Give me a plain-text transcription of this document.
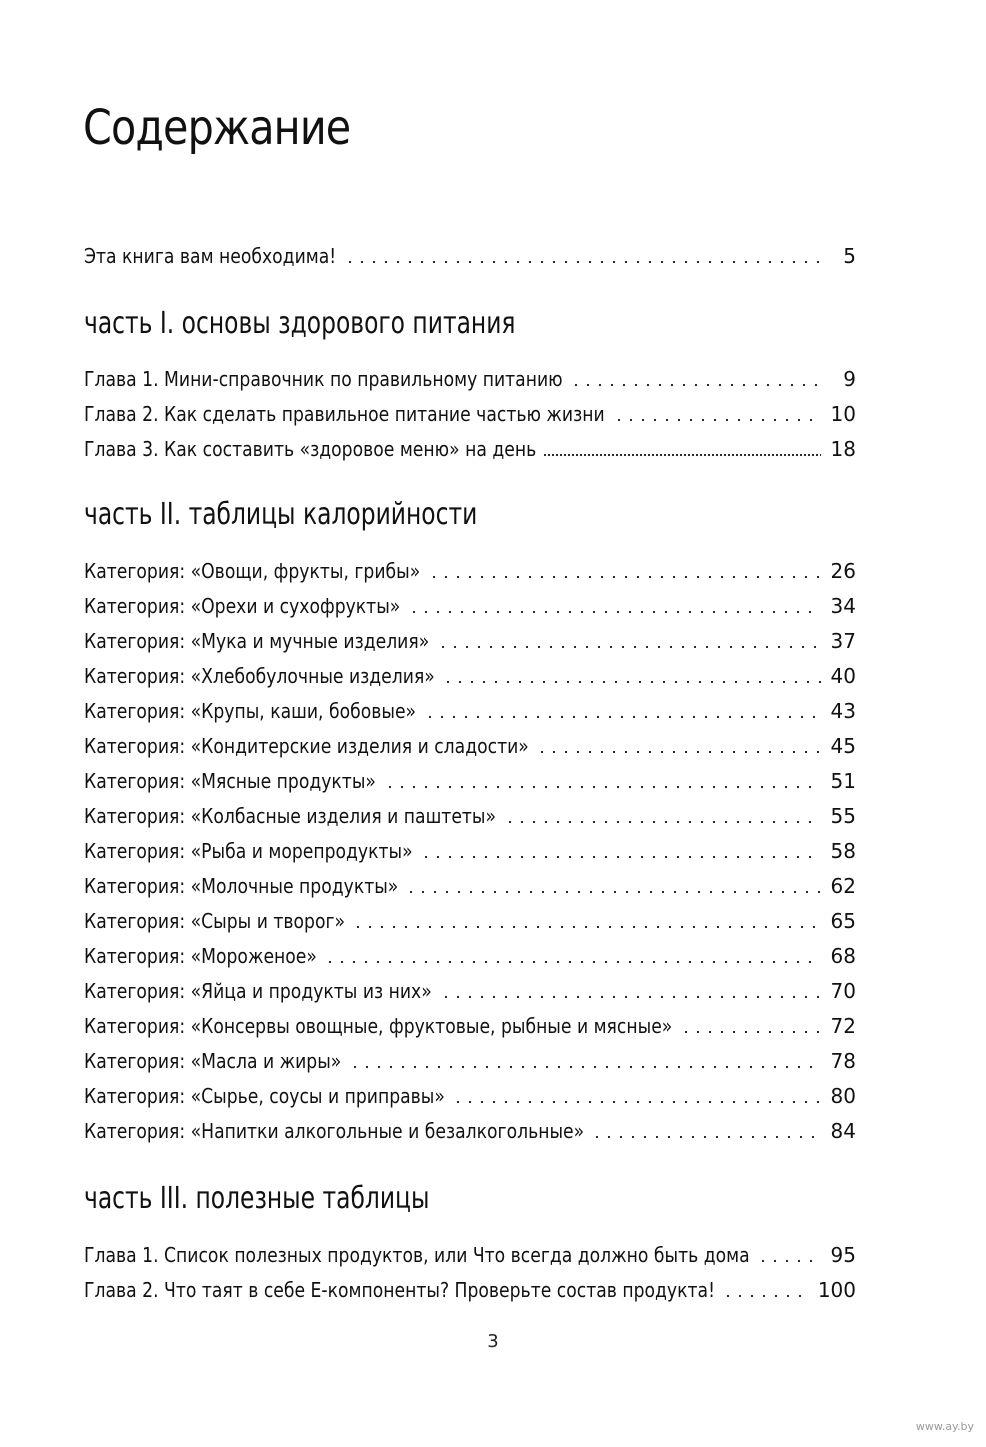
Содержание
Эта книга вам необходима!	5
часть I. основы здорового питания
Глава 1. Мини-справочник по правильному питанию	9
Глава 2. Как сделать правильное питание частью жизни	10
Глава 3. Как составить «здоровое меню» на день	18
часть II. таблицы калорийности
Категория: «Овощи, фрукты, грибы»	26
Категория: «Орехи и сухофрукты»	34
Категория: «Мука и мучные изделия»	37
Категория: «Хлебобулочные изделия»	40
Категория: «Крупы, каши, бобовые»	43
Категория: «Кондитерские изделия и сладости»	45
Категория: «Мясные продукты»	51
Категория: «Колбасные изделия и паштеты»	55
Категория: «Рыба и морепродукты»	58
Категория: «Молочные продукты»	62
Категория: «Сыры и творог»	65
Категория: «Мороженое»	68
Категория: «Яйца и продукты из них»	70
Категория: «Консервы овощные, фруктовые, рыбные и мясные»	72
Категория: «Масла и жиры»	78
Категория: «Сырье, соусы и приправы»	80
Категория: «Напитки алкогольные и безалкогольные»	84
часть III. полезные таблицы
Глава 1. Список полезных продуктов, или Что всегда должно быть дома	95
Глава 2. Что таят в себе Е-компоненты? Проверьте состав продукта!	100
3
www.ay.by
